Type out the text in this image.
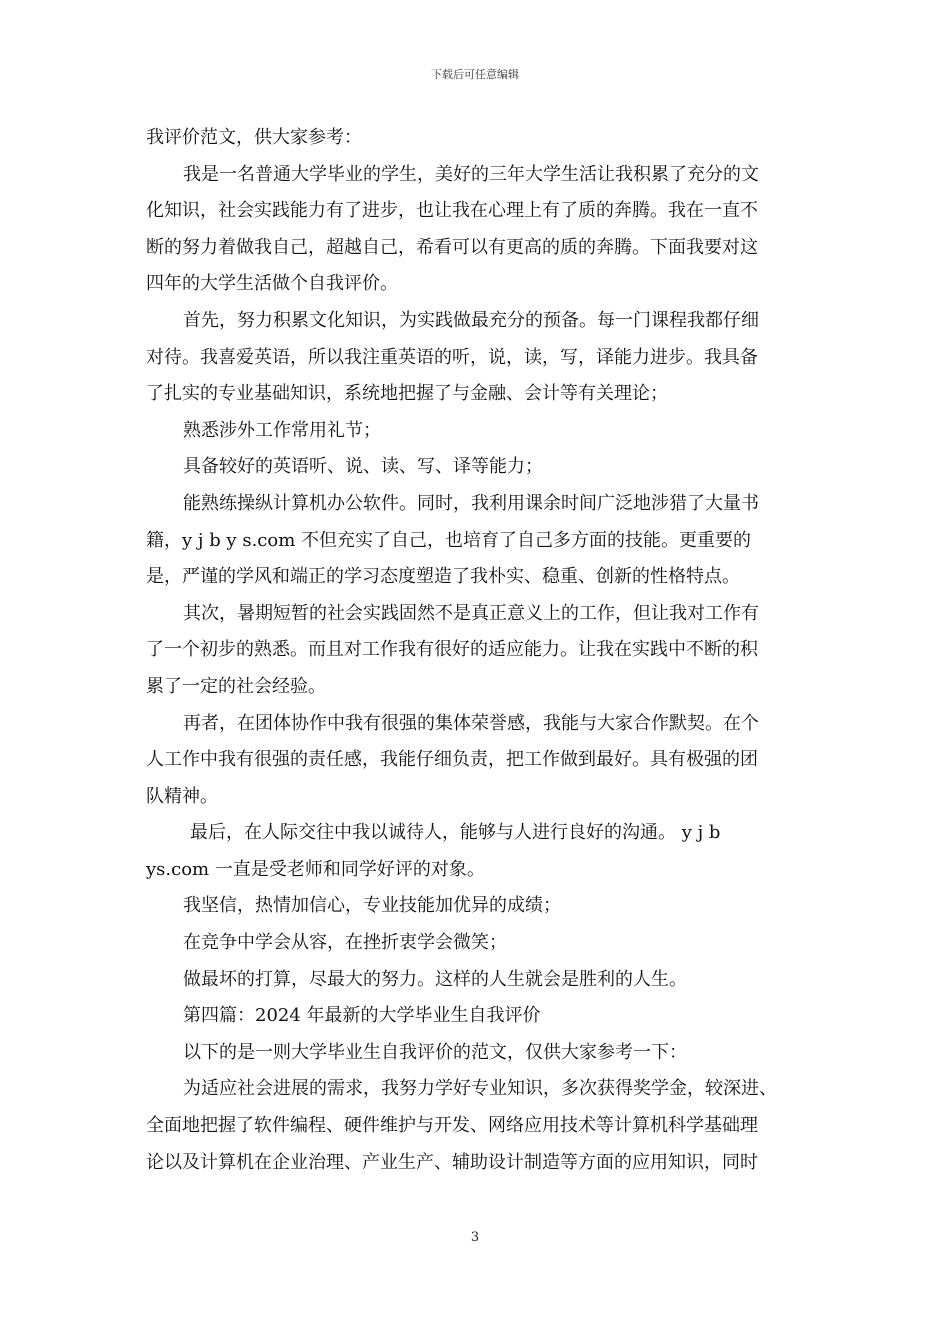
下载后可任意编辑
我评价范文，供大家参考：
我是一名普通大学毕业的学生，美好的三年大学生活让我积累了充分的文
化知识，社会实践能力有了进步，也让我在心理上有了质的奔腾。我在一直不
断的努力着做我自己，超越自己，希看可以有更高的质的奔腾。下面我要对这
四年的大学生活做个自我评价。
首先，努力积累文化知识，为实践做最充分的预备。每一门课程我都仔细
对待。我喜爱英语，所以我注重英语的听，说，读，写，译能力进步。我具备
了扎实的专业基础知识，系统地把握了与金融、会计等有关理论；
熟悉涉外工作常用礼节；
具备较好的英语听、说、读、写、译等能力；
能熟练操纵计算机办公软件。同时，我利用课余时间广泛地涉猎了大量书
籍，y j b y s.com 不但充实了自己，也培育了自己多方面的技能。更重要的
是，严谨的学风和端正的学习态度塑造了我朴实、稳重、创新的性格特点。
其次，暑期短暂的社会实践固然不是真正意义上的工作，但让我对工作有
了一个初步的熟悉。而且对工作我有很好的适应能力。让我在实践中不断的积
累了一定的社会经验。
再者，在团体协作中我有很强的集体荣誉感，我能与大家合作默契。在个
人工作中我有很强的责任感，我能仔细负责，把工作做到最好。具有极强的团
队精神。
最后，在人际交往中我以诚待人，能够与人进行良好的沟通。 y j b
ys.com 一直是受老师和同学好评的对象。
我坚信，热情加信心，专业技能加优异的成绩；
在竞争中学会从容，在挫折衷学会微笑；
做最坏的打算，尽最大的努力。这样的人生就会是胜利的人生。
第四篇：2024 年最新的大学毕业生自我评价
以下的是一则大学毕业生自我评价的范文，仅供大家参考一下：
为适应社会进展的需求，我努力学好专业知识，多次获得奖学金，较深进、
全面地把握了软件编程、硬件维护与开发、网络应用技术等计算机科学基础理
论以及计算机在企业治理、产业生产、辅助设计制造等方面的应用知识，同时
3
